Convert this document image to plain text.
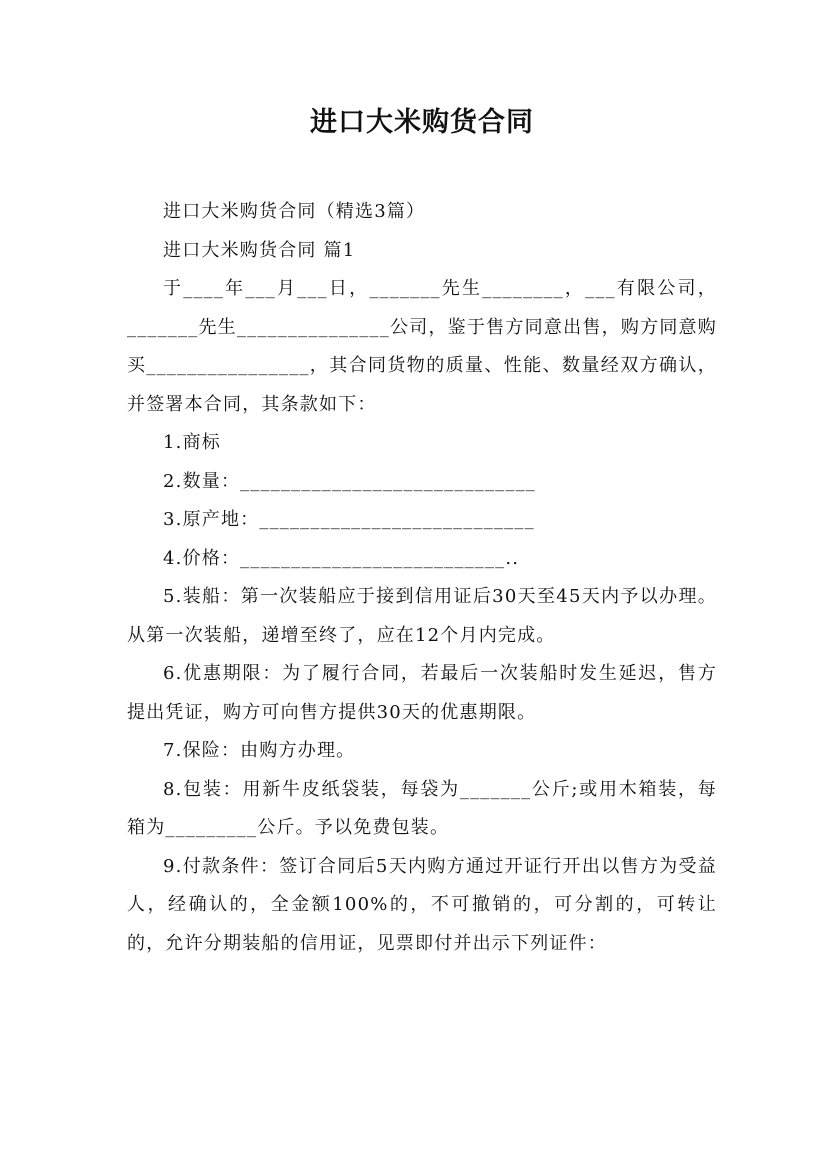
进口大米购货合同

进口大米购货合同（精选3篇）

进口大米购货合同 篇1

于____年___月___日，_______先生________，___有限公司，_______先生_______________公司，鉴于售方同意出售，购方同意购买________________，其合同货物的质量、性能、数量经双方确认，并签署本合同，其条款如下：

1.商标

2.数量：_____________________________

3.原产地：___________________________

4.价格：__________________________..

5.装船：第一次装船应于接到信用证后30天至45天内予以办理。从第一次装船，递增至终了，应在12个月内完成。

6.优惠期限：为了履行合同，若最后一次装船时发生延迟，售方提出凭证，购方可向售方提供30天的优惠期限。

7.保险：由购方办理。

8.包装：用新牛皮纸袋装，每袋为_______公斤;或用木箱装，每箱为_________公斤。予以免费包装。

9.付款条件：签订合同后5天内购方通过开证行开出以售方为受益人，经确认的，全金额100%的，不可撤销的，可分割的，可转让的，允许分期装船的信用证，见票即付并出示下列证件：
